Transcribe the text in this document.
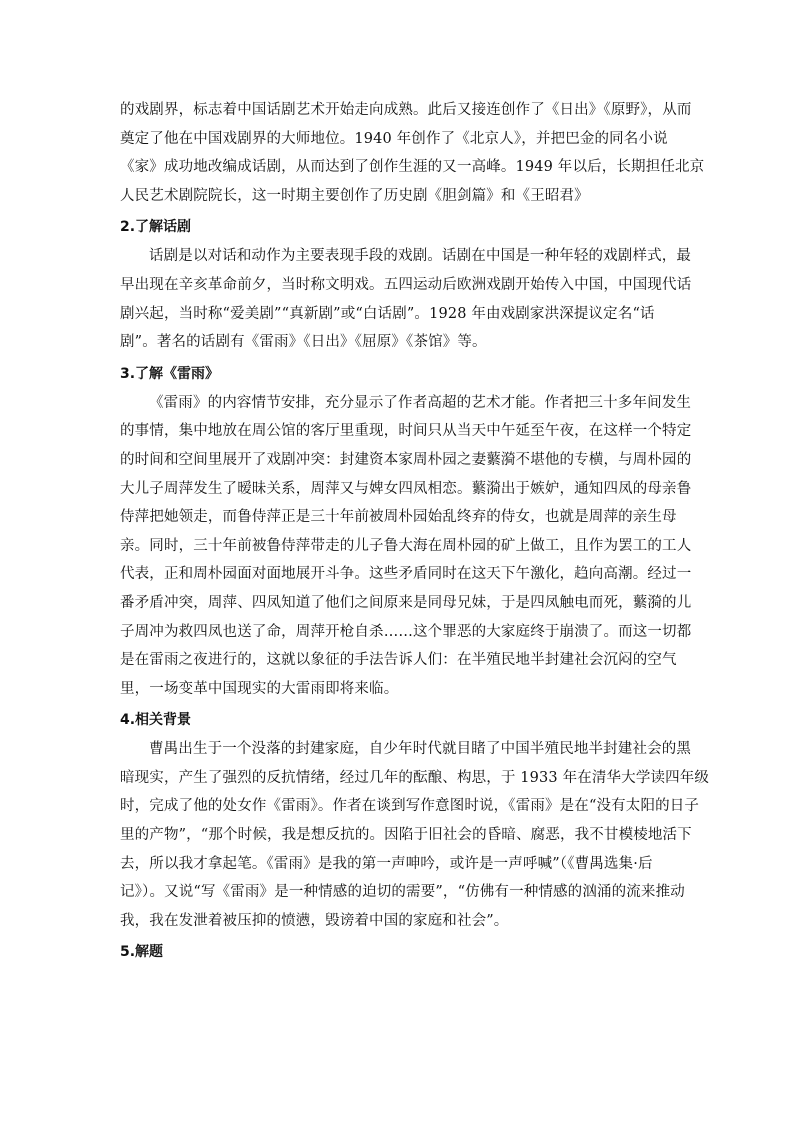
的戏剧界，标志着中国话剧艺术开始走向成熟。此后又接连创作了《日出》《原野》，从而
奠定了他在中国戏剧界的大师地位。1940 年创作了《北京人》，并把巴金的同名小说
《家》成功地改编成话剧，从而达到了创作生涯的又一高峰。1949 年以后，长期担任北京
人民艺术剧院院长，这一时期主要创作了历史剧《胆剑篇》和《王昭君》
2.了解话剧
话剧是以对话和动作为主要表现手段的戏剧。话剧在中国是一种年轻的戏剧样式，最
早出现在辛亥革命前夕，当时称文明戏。五四运动后欧洲戏剧开始传入中国，中国现代话
剧兴起，当时称“爱美剧”“真新剧”或“白话剧”。1928 年由戏剧家洪深提议定名“话
剧”。著名的话剧有《雷雨》《日出》《屈原》《茶馆》等。
3.了解《雷雨》
《雷雨》的内容情节安排，充分显示了作者高超的艺术才能。作者把三十多年间发生
的事情，集中地放在周公馆的客厅里重现，时间只从当天中午延至午夜，在这样一个特定
的时间和空间里展开了戏剧冲突：封建资本家周朴园之妻蘩漪不堪他的专横，与周朴园的
大儿子周萍发生了暧昧关系，周萍又与婢女四凤相恋。蘩漪出于嫉妒，通知四凤的母亲鲁
侍萍把她领走，而鲁侍萍正是三十年前被周朴园始乱终弃的侍女，也就是周萍的亲生母
亲。同时，三十年前被鲁侍萍带走的儿子鲁大海在周朴园的矿上做工，且作为罢工的工人
代表，正和周朴园面对面地展开斗争。这些矛盾同时在这天下午激化，趋向高潮。经过一
番矛盾冲突，周萍、四凤知道了他们之间原来是同母兄妹，于是四凤触电而死，蘩漪的儿
子周冲为救四凤也送了命，周萍开枪自杀……这个罪恶的大家庭终于崩溃了。而这一切都
是在雷雨之夜进行的，这就以象征的手法告诉人们：在半殖民地半封建社会沉闷的空气
里，一场变革中国现实的大雷雨即将来临。
4.相关背景
曹禺出生于一个没落的封建家庭，自少年时代就目睹了中国半殖民地半封建社会的黑
暗现实，产生了强烈的反抗情绪，经过几年的酝酿、构思，于 1933 年在清华大学读四年级
时，完成了他的处女作《雷雨》。作者在谈到写作意图时说，《雷雨》是在“没有太阳的日子
里的产物”，“那个时候，我是想反抗的。因陷于旧社会的昏暗、腐恶，我不甘模棱地活下
去，所以我才拿起笔。《雷雨》是我的第一声呻吟，或许是一声呼喊”（《曹禺选集·后
记》）。又说“写《雷雨》是一种情感的迫切的需要”，“仿佛有一种情感的汹涌的流来推动
我，我在发泄着被压抑的愤懑，毁谤着中国的家庭和社会”。
5.解题
